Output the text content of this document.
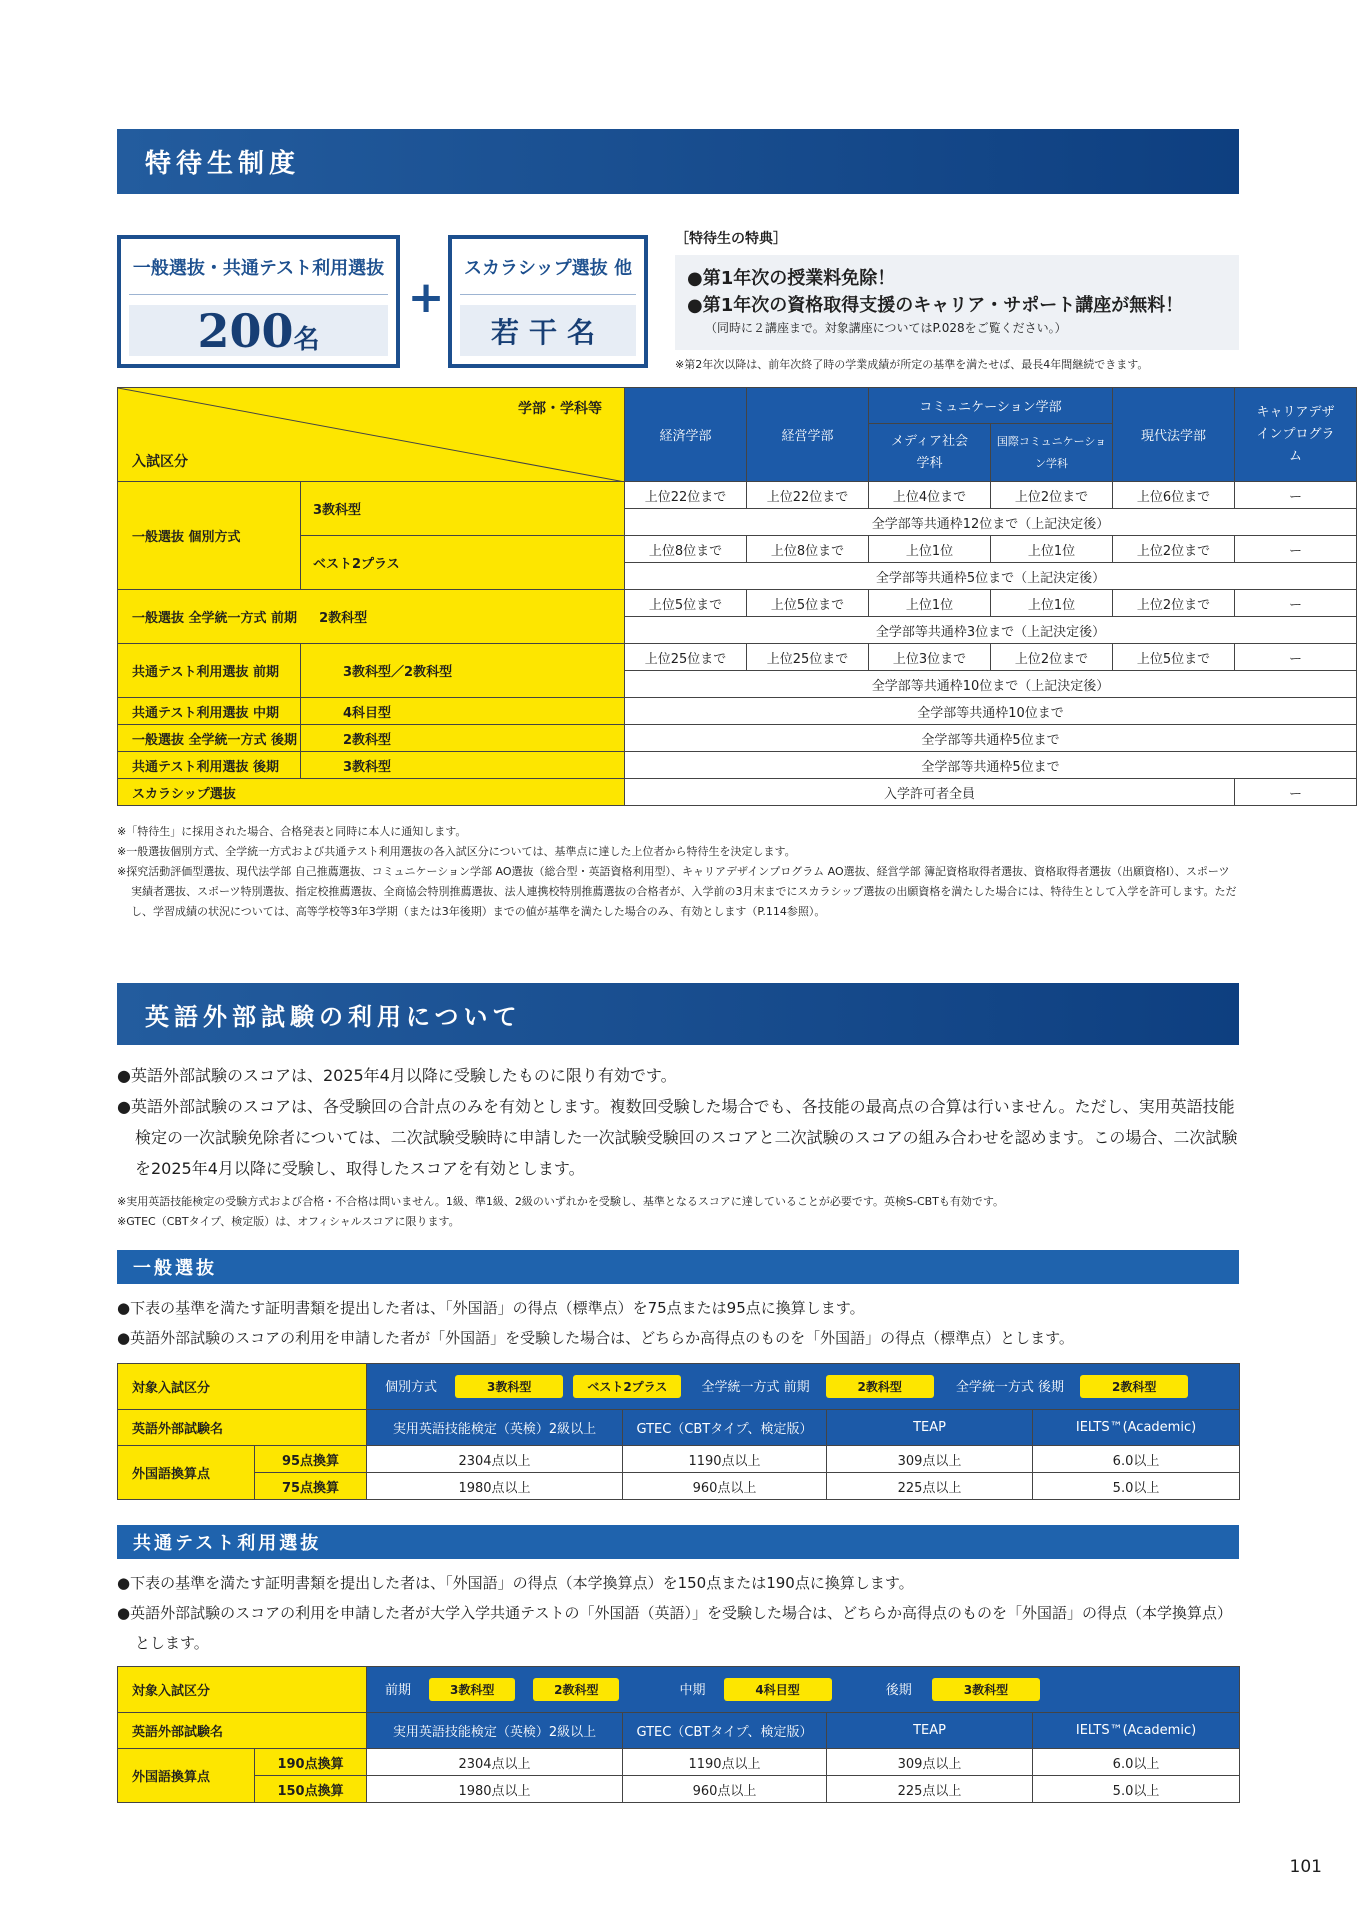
特待生制度
一般選抜・共通テスト利用選抜
200 名
+
スカラシップ選抜 他
若干名
［特待生の特典］
●第1年次の授業料免除！
●第1年次の資格取得支援のキャリア・サポート講座が無料！
（同時に２講座まで。対象講座についてはP.028をご覧ください。）
※第2年次以降は、前年次終了時の学業成績が所定の基準を満たせば、最長4年間継続できます。
学部・学科等
入試区分		経済学部	経営学部	コミュニケーション学部		現代法学部	キャリアデザインプログラム
				メディア社会学科	国際コミュニケーション学科		
一般選抜 個別方式	3教科型	上位22位まで	上位22位まで	上位4位まで	上位2位まで	上位6位まで	ー
		全学部等共通枠12位まで（上記決定後）					
	ベスト2プラス	上位8位まで	上位8位まで	上位1位	上位1位	上位2位まで	ー
		全学部等共通枠5位まで（上記決定後）					
一般選抜 全学統一方式 前期 2教科型		上位5位まで	上位5位まで	上位1位	上位1位	上位2位まで	ー
		全学部等共通枠3位まで（上記決定後）					
共通テスト利用選抜 前期	3教科型／2教科型	上位25位まで	上位25位まで	上位3位まで	上位2位まで	上位5位まで	ー
		全学部等共通枠10位まで（上記決定後）					
共通テスト利用選抜 中期	4科目型	全学部等共通枠10位まで					
一般選抜 全学統一方式 後期	2教科型	全学部等共通枠5位まで					
共通テスト利用選抜 後期	3教科型	全学部等共通枠5位まで					
スカラシップ選抜		入学許可者全員					ー

※「特待生」に採用された場合、合格発表と同時に本人に通知します。

※一般選抜個別方式、全学統一方式および共通テスト利用選抜の各入試区分については、基準点に達した上位者から特待生を決定します。

※探究活動評価型選抜、現代法学部 自己推薦選抜、コミュニケーション学部 AO選抜（総合型・英語資格利用型）、キャリアデザインプログラム AO選抜、経営学部 簿記資格取得者選抜、資格取得者選抜（出願資格Ⅰ）、スポーツ実績者選抜、スポーツ特別選抜、指定校推薦選抜、全商協会特別推薦選抜、法人連携校特別推薦選抜の合格者が、入学前の3月末までにスカラシップ選抜の出願資格を満たした場合には、特待生として入学を許可します。ただし、学習成績の状況については、高等学校等3年3学期（または3年後期）までの値が基準を満たした場合のみ、有効とします（P.114参照）。

英語外部試験の利用について

●英語外部試験のスコアは、2025年4月以降に受験したものに限り有効です。

●英語外部試験のスコアは、各受験回の合計点のみを有効とします。複数回受験した場合でも、各技能の最高点の合算は行いません。ただし、実用英語技能検定の一次試験免除者については、二次試験受験時に申請した一次試験受験回のスコアと二次試験のスコアの組み合わせを認めます。この場合、二次試験を2025年4月以降に受験し、取得したスコアを有効とします。

※実用英語技能検定の受験方式および合格・不合格は問いません。1級、準1級、2級のいずれかを受験し、基準となるスコアに達していることが必要です。英検S-CBTも有効です。

※GTEC（CBTタイプ、検定版）は、オフィシャルスコアに限ります。

一般選抜

●下表の基準を満たす証明書類を提出した者は、「外国語」の得点（標準点）を75点または95点に換算します。

●英語外部試験のスコアの利用を申請した者が「外国語」を受験した場合は、どちらか高得点のものを「外国語」の得点（標準点）とします。

対象入試区分		個別方式 3教科型 ベスト2プラス 全学統一方式 前期 2教科型 全学統一方式 後期 2教科型			
英語外部試験名		実用英語技能検定（英検）2級以上	GTEC（CBTタイプ、検定版）	TEAP	IELTS™(Academic)
外国語換算点	95点換算	2304点以上	1190点以上	309点以上	6.0以上
	75点換算	1980点以上	960点以上	225点以上	5.0以上
共通テスト利用選抜

●下表の基準を満たす証明書類を提出した者は、「外国語」の得点（本学換算点）を150点または190点に換算します。

●英語外部試験のスコアの利用を申請した者が大学入学共通テストの「外国語（英語）」を受験した場合は、どちらか高得点のものを「外国語」の得点（本学換算点）とします。

対象入試区分		前期 3教科型 2教科型 中期 4科目型 後期 3教科型			
英語外部試験名		実用英語技能検定（英検）2級以上	GTEC（CBTタイプ、検定版）	TEAP	IELTS™(Academic)
外国語換算点	190点換算	2304点以上	1190点以上	309点以上	6.0以上
	150点換算	1980点以上	960点以上	225点以上	5.0以上
101
